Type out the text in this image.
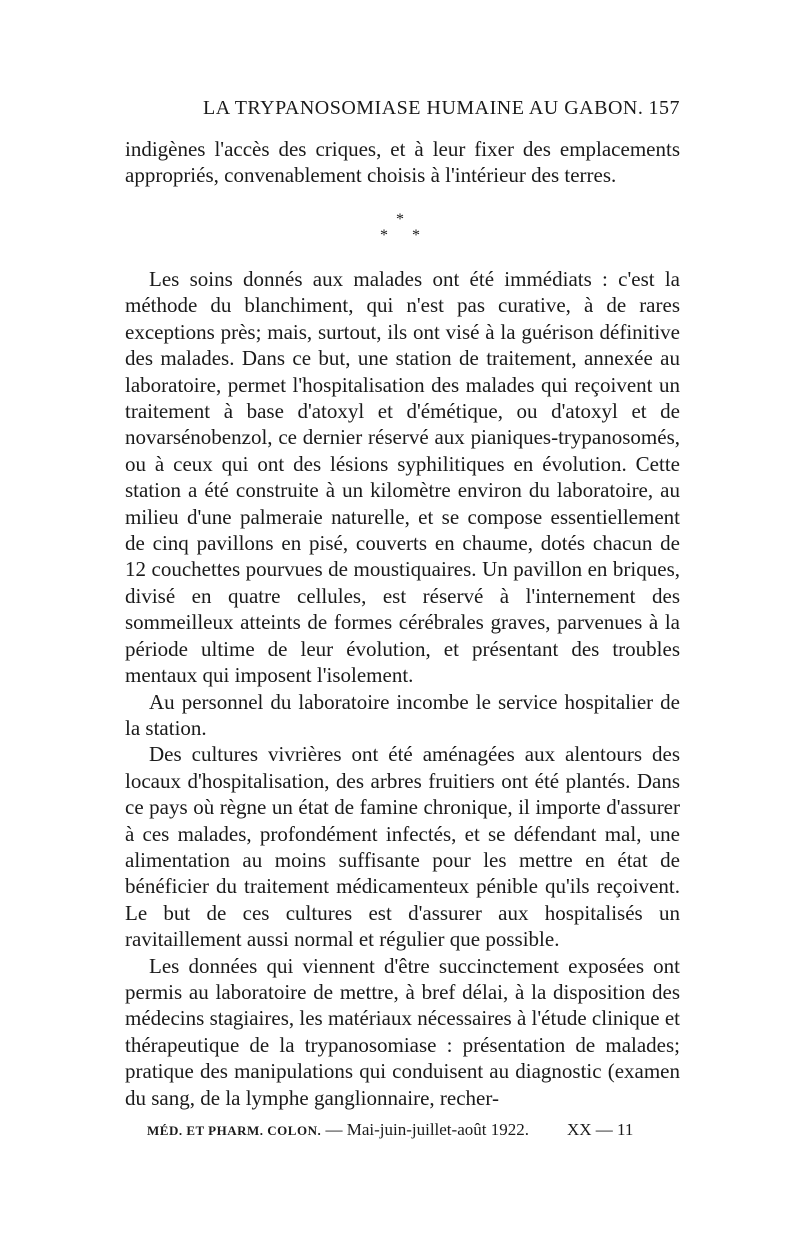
LA TRYPANOSOMIASE HUMAINE AU GABON. 157

indigènes l'accès des criques, et à leur fixer des emplacements appropriés, convenablement choisis à l'intérieur des terres.

*
* *

Les soins donnés aux malades ont été immédiats : c'est la méthode du blanchiment, qui n'est pas curative, à de rares exceptions près; mais, surtout, ils ont visé à la guérison définitive des malades. Dans ce but, une station de traitement, annexée au laboratoire, permet l'hospitalisation des malades qui reçoivent un traitement à base d'atoxyl et d'émétique, ou d'atoxyl et de novarsénobenzol, ce dernier réservé aux pianiques-trypanosomés, ou à ceux qui ont des lésions syphilitiques en évolution. Cette station a été construite à un kilomètre environ du laboratoire, au milieu d'une palmeraie naturelle, et se compose essentiellement de cinq pavillons en pisé, couverts en chaume, dotés chacun de 12 couchettes pourvues de moustiquaires. Un pavillon en briques, divisé en quatre cellules, est réservé à l'internement des sommeilleux atteints de formes cérébrales graves, parvenues à la période ultime de leur évolution, et présentant des troubles mentaux qui imposent l'isolement.

Au personnel du laboratoire incombe le service hospitalier de la station.

Des cultures vivrières ont été aménagées aux alentours des locaux d'hospitalisation, des arbres fruitiers ont été plantés. Dans ce pays où règne un état de famine chronique, il importe d'assurer à ces malades, profondément infectés, et se défendant mal, une alimentation au moins suffisante pour les mettre en état de bénéficier du traitement médicamenteux pénible qu'ils reçoivent. Le but de ces cultures est d'assurer aux hospitalisés un ravitaillement aussi normal et régulier que possible.

Les données qui viennent d'être succinctement exposées ont permis au laboratoire de mettre, à bref délai, à la disposition des médecins stagiaires, les matériaux nécessaires à l'étude clinique et thérapeutique de la trypanosomiase : présentation de malades; pratique des manipulations qui conduisent au diagnostic (examen du sang, de la lymphe ganglionnaire, recher-

MÉD. ET PHARM. COLON. — Mai-juin-juillet-août 1922. XX — 11
